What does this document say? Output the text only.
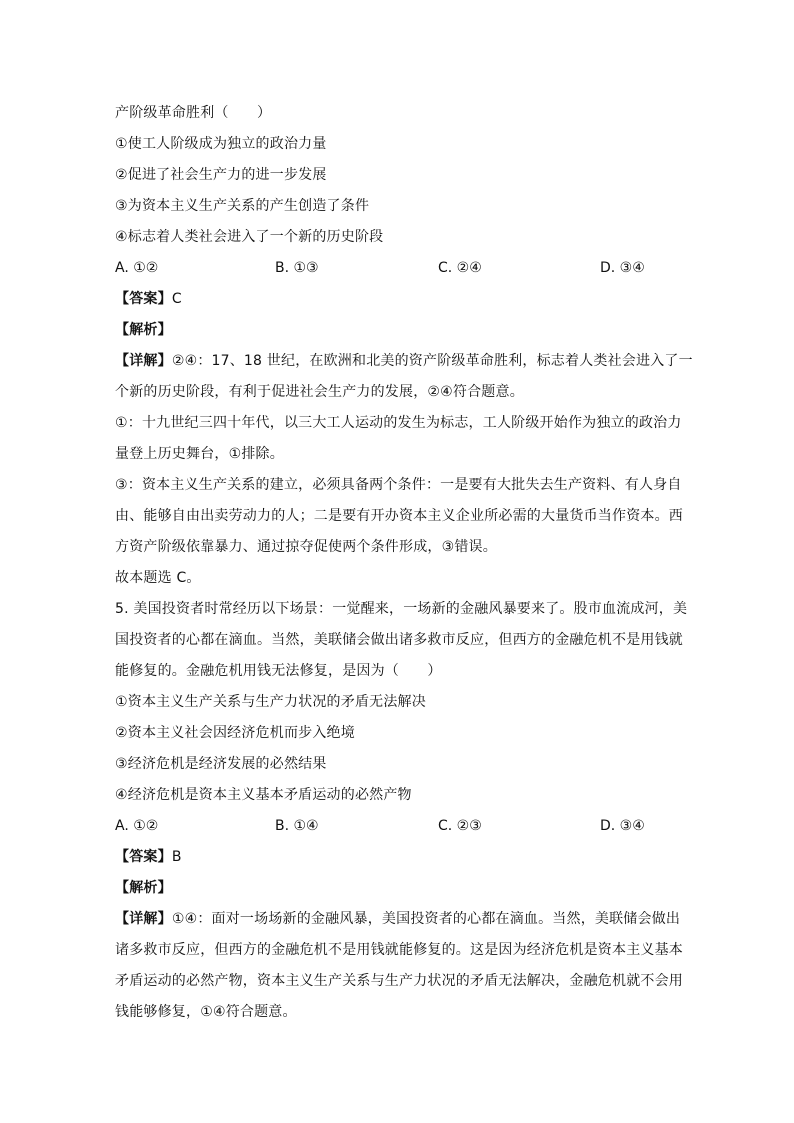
产阶级革命胜利（　　）
①使工人阶级成为独立的政治力量
②促进了社会生产力的进一步发展
③为资本主义生产关系的产生创造了条件
④标志着人类社会进入了一个新的历史阶段
A. ①②	B. ①③	C. ②④	D. ③④
【答案】C
【解析】
【详解】②④：17、18 世纪，在欧洲和北美的资产阶级革命胜利，标志着人类社会进入了一
个新的历史阶段，有利于促进社会生产力的发展，②④符合题意。
①：十九世纪三四十年代，以三大工人运动的发生为标志，工人阶级开始作为独立的政治力
量登上历史舞台，①排除。
③：资本主义生产关系的建立，必须具备两个条件：一是要有大批失去生产资料、有人身自
由、能够自由出卖劳动力的人；二是要有开办资本主义企业所必需的大量货币当作资本。西
方资产阶级依靠暴力、通过掠夺促使两个条件形成，③错误。
故本题选 C。
5. 美国投资者时常经历以下场景：一觉醒来，一场新的金融风暴要来了。股市血流成河，美
国投资者的心都在滴血。当然，美联储会做出诸多救市反应，但西方的金融危机不是用钱就
能修复的。金融危机用钱无法修复，是因为（　　）
①资本主义生产关系与生产力状况的矛盾无法解决
②资本主义社会因经济危机而步入绝境
③经济危机是经济发展的必然结果
④经济危机是资本主义基本矛盾运动的必然产物
A. ①②	B. ①④	C. ②③	D. ③④
【答案】B
【解析】
【详解】①④：面对一场场新的金融风暴，美国投资者的心都在滴血。当然，美联储会做出
诸多救市反应，但西方的金融危机不是用钱就能修复的。这是因为经济危机是资本主义基本
矛盾运动的必然产物，资本主义生产关系与生产力状况的矛盾无法解决，金融危机就不会用
钱能够修复，①④符合题意。
